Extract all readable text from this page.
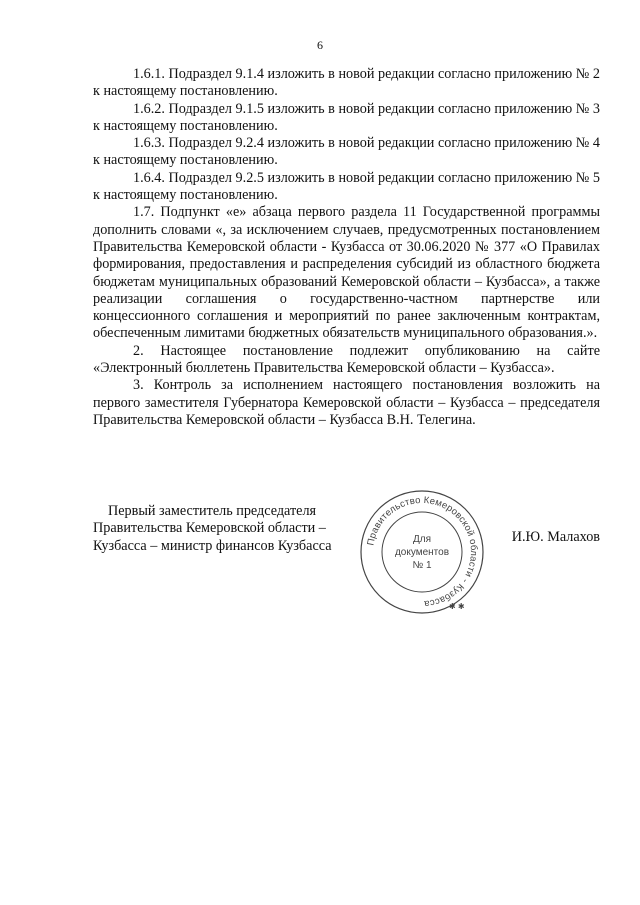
6

1.6.1. Подраздел 9.1.4 изложить в новой редакции согласно приложению № 2 к настоящему постановлению.

1.6.2. Подраздел 9.1.5 изложить в новой редакции согласно приложению № 3 к настоящему постановлению.

1.6.3. Подраздел 9.2.4 изложить в новой редакции согласно приложению № 4 к настоящему постановлению.

1.6.4. Подраздел 9.2.5 изложить в новой редакции согласно приложению № 5 к настоящему постановлению.

1.7. Подпункт «е» абзаца первого раздела 11 Государственной программы дополнить словами «, за исключением случаев, предусмотренных постановлением Правительства Кемеровской области - Кузбасса от 30.06.2020 № 377 «О Правилах формирования, предоставления и распределения субсидий из областного бюджета бюджетам муниципальных образований Кемеровской области – Кузбасса», а также реализации соглашения о государственно-частном партнерстве или концессионного соглашения и мероприятий по ранее заключенным контрактам, обеспеченным лимитами бюджетных обязательств муниципального образования.».

2. Настоящее постановление подлежит опубликованию на сайте «Электронный бюллетень Правительства Кемеровской области – Кузбасса».

3. Контроль за исполнением настоящего постановления возложить на первого заместителя Губернатора Кемеровской области – Кузбасса – председателя Правительства Кемеровской области – Кузбасса В.Н. Телегина.

Первый заместитель председателя
Правительства Кемеровской области –
Кузбасса – министр финансов Кузбасса	Правительство Кемеровской области - Кузбасса	✱ ✱
Для
документов
№ 1
И.Ю. Малахов
